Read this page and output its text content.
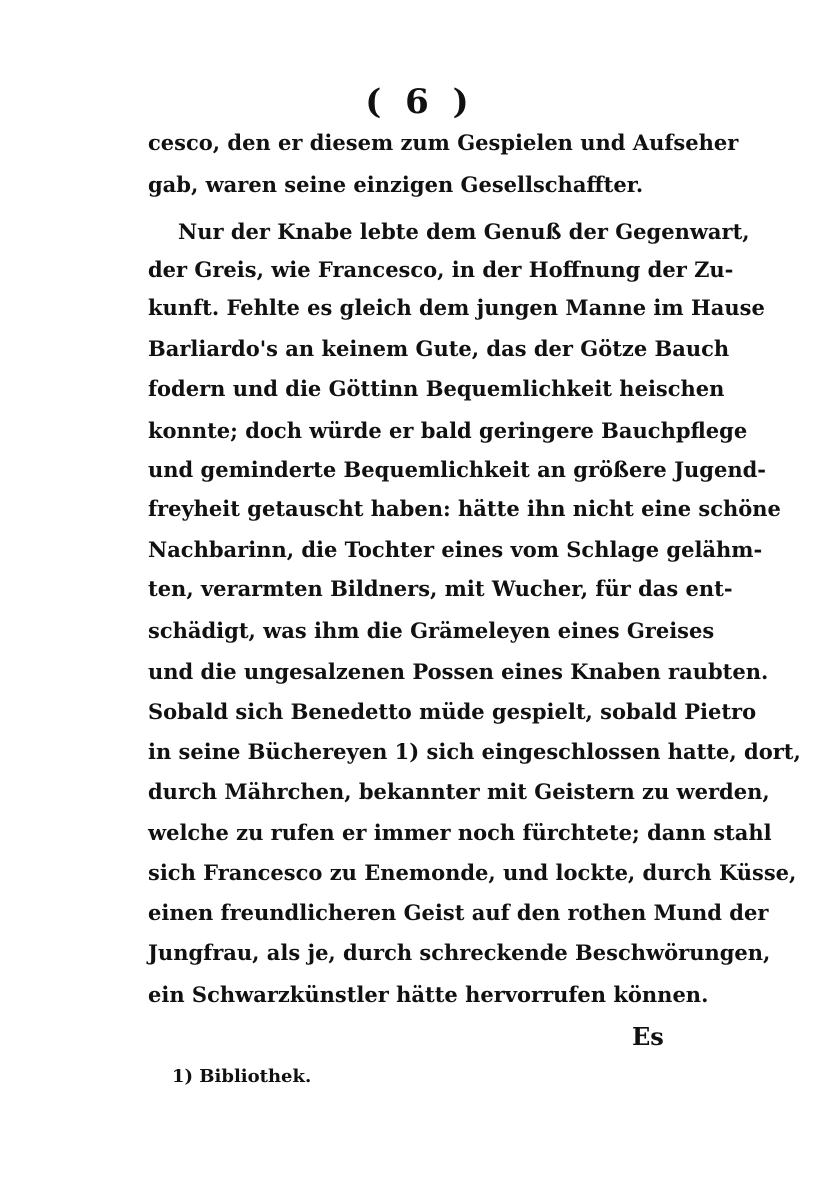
( 6 )
cesco, den er diesem zum Gespielen und Aufseher
gab, waren seine einzigen Gesellschaffter.
Nur der Knabe lebte dem Genuß der Gegenwart,
der Greis, wie Francesco, in der Hoffnung der Zu-
kunft. Fehlte es gleich dem jungen Manne im Hause
Barliardo's an keinem Gute, das der Götze Bauch
fodern und die Göttinn Bequemlichkeit heischen
konnte; doch würde er bald geringere Bauchpflege
und geminderte Bequemlichkeit an größere Jugend-
freyheit getauscht haben: hätte ihn nicht eine schöne
Nachbarinn, die Tochter eines vom Schlage gelähm-
ten, verarmten Bildners, mit Wucher, für das ent-
schädigt, was ihm die Grämeleyen eines Greises
und die ungesalzenen Possen eines Knaben raubten.
Sobald sich Benedetto müde gespielt, sobald Pietro
in seine Büchereyen 1) sich eingeschlossen hatte, dort,
durch Mährchen, bekannter mit Geistern zu werden,
welche zu rufen er immer noch fürchtete; dann stahl
sich Francesco zu Enemonde, und lockte, durch Küsse,
einen freundlicheren Geist auf den rothen Mund der
Jungfrau, als je, durch schreckende Beschwörungen,
ein Schwarzkünstler hätte hervorrufen können.
Es
1) Bibliothek.
